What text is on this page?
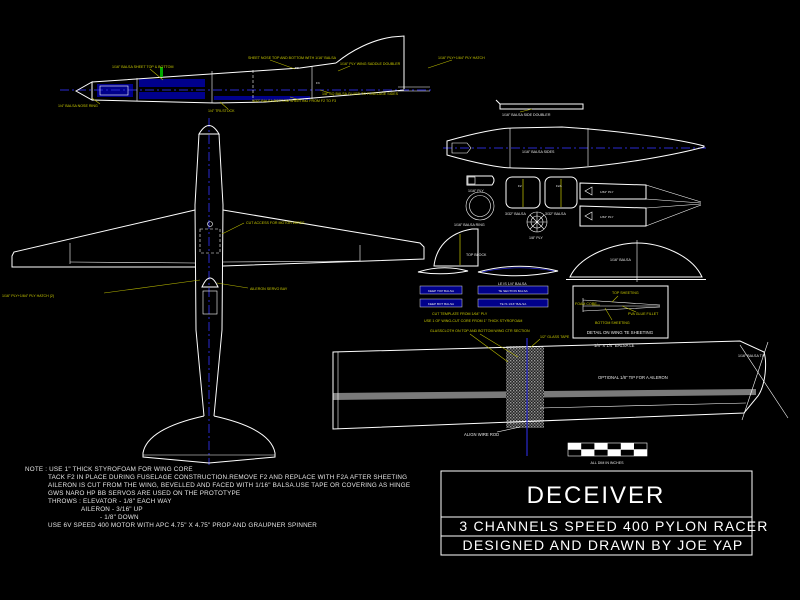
1/16" BALSA SHEET TOP & BOTTOM
SHEET NOSE TOP AND BOTTOM WITH 1/16" BALSA	1/16" PLY+1/64" PLY HATCH
1/16" PLY WING SADDLE DOUBLER
1/8" SQ BALSA GLUED TO FUSELAGE SIDES
3/32" BALSA BOTTOM SHEETING FROM F2 TO F3
1/4" BALSA NOSE RING
1/4" TRI-STOCK
F2
F3
CUT ACCESS FOR MOTOR WIRES
1/16" PLY+1/64" PLY HATCH (2)
AILERON SERVO BAY
1/16" BALSA SIDE DOUBLER
1/16" BALSA SIDES
1/16" PLY
F2
3/32" BALSA
F2A
3/32" BALSA
1/16" BALSA RING
1/8" PLY
1/64" PLY
1/64" PLY
TOP BLOCK
LE IS 1/4" BALSA
KEEP TOP BALSA	TE SECTION BALSA
KEEP BOT BALSA	TE IS 1/16" BALSA
CUT TEMPLATE FROM 1/64" PLY
USE 1 OF WING-CUT CORE FROM 1" THICK STYROFOAM
1/16" BALSA
TOP SHEETING
FOAM CORE
BOTTOM SHEETING
PVA GLUE FILLET
DETAIL ON WING TE SHEETING
GLASSCLOTH ON TOP AND BOTTOM WING CTR SECTION
1/2" GLASS TAPE
1/4" X 1/4" BALSA LE
OPTIONAL 1/8" TIP FOR A AILERON
1/16" BALSA TIP
ALIGN WIRE ROD
ALL DIM IN INCHES
NOTE : USE 1" THICK STYROFOAM FOR WING CORE
TACK F2 IN PLACE DURING FUSELAGE CONSTRUCTION.REMOVE F2 AND REPLACE WITH F2A AFTER SHEETING
AILERON IS CUT FROM THE WING, BEVELLED AND FACED WITH 1/16" BALSA.USE TAPE OR COVERING AS HINGE
GWS NARO HP BB SERVOS ARE USED ON THE PROTOTYPE
THROWS : ELEVATOR - 1/8" EACH WAY
AILERON - 3/16" UP
- 1/8" DOWN
USE 6V SPEED 400 MOTOR WITH APC 4.75" X 4.75" PROP AND GRAUPNER SPINNER
DECEIVER
3 CHANNELS SPEED 400 PYLON RACER
DESIGNED AND DRAWN BY JOE YAP
